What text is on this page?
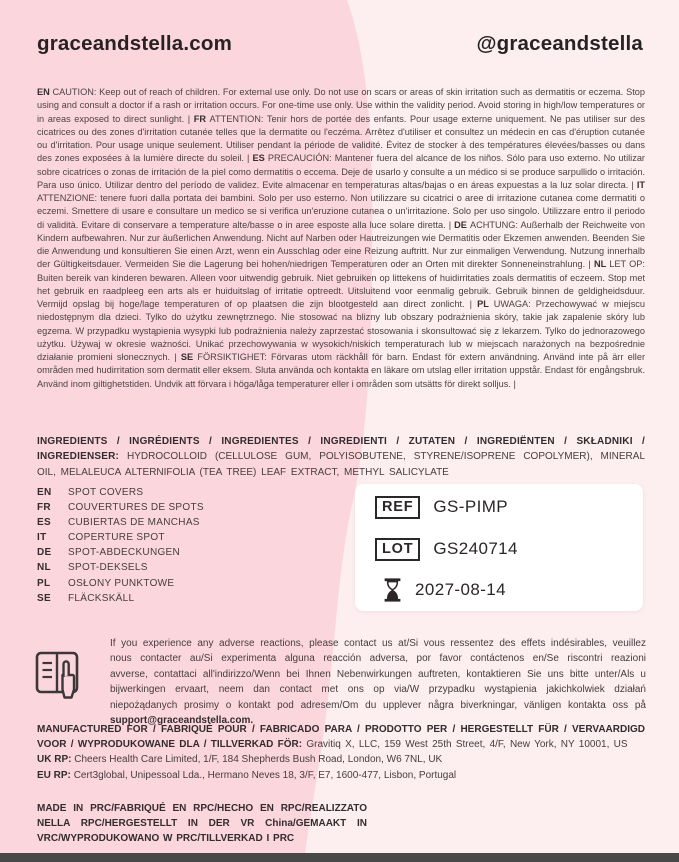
graceandstella.com	@graceandstella

EN CAUTION: Keep out of reach of children. For external use only. Do not use on scars or areas of skin irritation such as dermatitis or eczema. Stop using and consult a doctor if a rash or irritation occurs. For one-time use only. Use within the validity period. Avoid storing in high/low temperatures or in areas exposed to direct sunlight. | FR ATTENTION: Tenir hors de portée des enfants. Pour usage externe uniquement. Ne pas utiliser sur des cicatrices ou des zones d'irritation cutanée telles que la dermatite ou l'eczéma. Arrêtez d'utiliser et consultez un médecin en cas d'éruption cutanée ou d'irritation. Pour usage unique seulement. Utiliser pendant la période de validité. Évitez de stocker à des températures élevées/basses ou dans des zones exposées à la lumière directe du soleil. | ES PRECAUCIÓN: Mantener fuera del alcance de los niños. Sólo para uso externo. No utilizar sobre cicatrices o zonas de irritación de la piel como dermatitis o eccema. Deje de usarlo y consulte a un médico si se produce sarpullido o irritación. Para uso único. Utilizar dentro del período de validez. Evite almacenar en temperaturas altas/bajas o en áreas expuestas a la luz solar directa. | IT ATTENZIONE: tenere fuori dalla portata dei bambini. Solo per uso esterno. Non utilizzare su cicatrici o aree di irritazione cutanea come dermatiti o eczemi. Smettere di usare e consultare un medico se si verifica un'eruzione cutanea o un'irritazione. Solo per uso singolo. Utilizzare entro il periodo di validità. Evitare di conservare a temperature alte/basse o in aree esposte alla luce solare diretta. | DE ACHTUNG: Außerhalb der Reichweite von Kindern aufbewahren. Nur zur äußerlichen Anwendung. Nicht auf Narben oder Hautreizungen wie Dermatitis oder Ekzemen anwenden. Beenden Sie die Anwendung und konsultieren Sie einen Arzt, wenn ein Ausschlag oder eine Reizung auftritt. Nur zur einmaligen Verwendung. Nutzung innerhalb der Gültigkeitsdauer. Vermeiden Sie die Lagerung bei hohen/niedrigen Temperaturen oder an Orten mit direkter Sonneneinstrahlung. | NL LET OP: Buiten bereik van kinderen bewaren. Alleen voor uitwendig gebruik. Niet gebruiken op littekens of huidirritaties zoals dermatitis of eczeem. Stop met het gebruik en raadpleeg een arts als er huiduitslag of irritatie optreedt. Uitsluitend voor eenmalig gebruik. Gebruik binnen de geldigheidsduur. Vermijd opslag bij hoge/lage temperaturen of op plaatsen die zijn blootgesteld aan direct zonlicht. | PL UWAGA: Przechowywać w miejscu niedostępnym dla dzieci. Tylko do użytku zewnętrznego. Nie stosować na blizny lub obszary podrażnienia skóry, takie jak zapalenie skóry lub egzema. W przypadku wystąpienia wysypki lub podrażnienia należy zaprzestać stosowania i skonsultować się z lekarzem. Tylko do jednorazowego użytku. Używaj w okresie ważności. Unikać przechowywania w wysokich/niskich temperaturach lub w miejscach narażonych na bezpośrednie działanie promieni słonecznych. | SE FÖRSIKTIGHET: Förvaras utom räckhåll för barn. Endast för extern användning. Använd inte på ärr eller områden med hudirritation som dermatit eller eksem. Sluta använda och kontakta en läkare om utslag eller irritation uppstår. Endast för engångsbruk. Använd inom giltighetstiden. Undvik att förvara i höga/låga temperaturer eller i områden som utsätts för direkt solljus. |

INGREDIENTS / INGRÉDIENTS / INGREDIENTES / INGREDIENTI / ZUTATEN / INGREDIËNTEN / SKŁADNIKI / INGREDIENSER: HYDROCOLLOID (CELLULOSE GUM, POLYISOBUTENE, STYRENE/ISOPRENE COPOLYMER), MINERAL OIL, MELALEUCA ALTERNIFOLIA (TEA TREE) LEAF EXTRACT, METHYL SALICYLATE

EN	SPOT COVERS
FR	COUVERTURES DE SPOTS
ES	CUBIERTAS DE MANCHAS
IT	COPERTURE SPOT
DE	SPOT-ABDECKUNGEN
NL	SPOT-DEKSELS
PL	OSŁONY PUNKTOWE
SE	FLÄCKSKÄLL
REF	GS-PIMP
LOT	GS240714
2027-08-14

If you experience any adverse reactions, please contact us at/Si vous ressentez des effets indésirables, veuillez nous contacter au/Si experimenta alguna reacción adversa, por favor contáctenos en/Se riscontri reazioni avverse, contattaci all'indirizzo/Wenn bei Ihnen Nebenwirkungen auftreten, kontaktieren Sie uns bitte unter/Als u bijwerkingen ervaart, neem dan contact met ons op via/W przypadku wystąpienia jakichkolwiek działań niepożądanych prosimy o kontakt pod adresem/Om du upplever några biverkningar, vänligen kontakta oss på support@graceandstella.com.

MANUFACTURED FOR / FABRIQUÉ POUR / FABRICADO PARA / PRODOTTO PER / HERGESTELLT FÜR / VERVAARDIGD VOOR / WYPRODUKOWANE DLA / TILLVERKAD FÖR: Gravitiq X, LLC, 159 West 25th Street, 4/F, New York, NY 10001, US

UK RP: Cheers Health Care Limited, 1/F, 184 Shepherds Bush Road, London, W6 7NL, UK

EU RP: Cert3global, Unipessoal Lda., Hermano Neves 18, 3/F, E7, 1600-477, Lisbon, Portugal

MADE IN PRC/FABRIQUÉ EN RPC/HECHO EN RPC/REALIZZATO NELLA RPC/HERGESTELLT IN DER VR China/GEMAAKT IN VRC/WYPRODUKOWANO W PRC/TILLVERKAD I PRC
